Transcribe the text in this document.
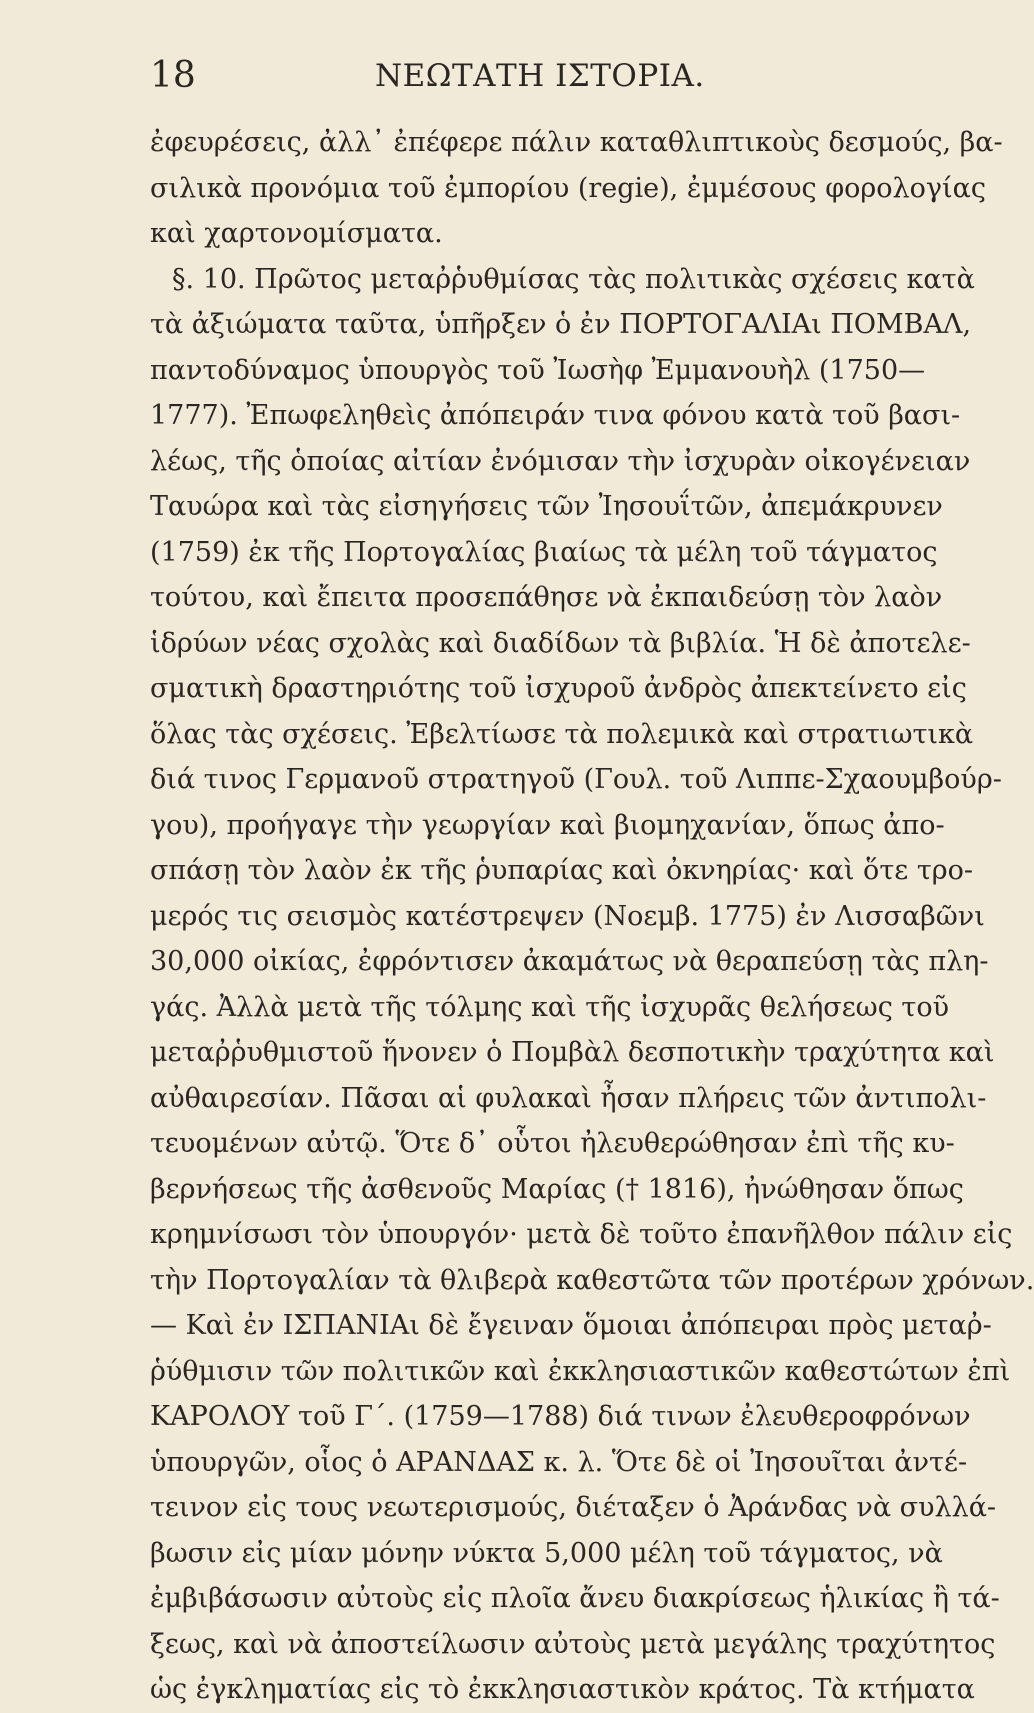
18	ΝΕΩΤΑΤΗ ΙΣΤΟΡΙΑ.
ἐφευρέσεις, ἀλλ᾽ ἐπέφερε πάλιν καταθλιπτικοὺς δεσμούς, βα-
σιλικὰ προνόμια τοῦ ἐμπορίου (regie), ἐμμέσους φορολογίας
καὶ χαρτονομίσματα.
§. 10. Πρῶτος μεταῤῥυθμίσας τὰς πολιτικὰς σχέσεις κατὰ
τὰ ἀξιώματα ταῦτα, ὑπῆρξεν ὁ ἐν ΠΟΡΤΟΓΑΛΙΑι ΠΟΜΒΑΛ,
παντοδύναμος ὑπουργὸς τοῦ Ἰωσὴφ Ἐμμανουὴλ (1750—
1777). Ἐπωφεληθεὶς ἀπόπειράν τινα φόνου κατὰ τοῦ βασι-
λέως, τῆς ὁποίας αἰτίαν ἐνόμισαν τὴν ἰσχυρὰν οἰκογένειαν
Ταυώρα καὶ τὰς εἰσηγήσεις τῶν Ἰησουΐτῶν, ἀπεμάκρυνεν
(1759) ἐκ τῆς Πορτογαλίας βιαίως τὰ μέλη τοῦ τάγματος
τούτου, καὶ ἔπειτα προσεπάθησε νὰ ἐκπαιδεύσῃ τὸν λαὸν
ἱδρύων νέας σχολὰς καὶ διαδίδων τὰ βιβλία. Ἡ δὲ ἀποτελε-
σματικὴ δραστηριότης τοῦ ἰσχυροῦ ἀνδρὸς ἀπεκτείνετο εἰς
ὅλας τὰς σχέσεις. Ἐβελτίωσε τὰ πολεμικὰ καὶ στρατιωτικὰ
διά τινος Γερμανοῦ στρατηγοῦ (Γουλ. τοῦ Λιππε-Σχαουμβούρ-
γου), προήγαγε τὴν γεωργίαν καὶ βιομηχανίαν, ὅπως ἀπο-
σπάσῃ τὸν λαὸν ἐκ τῆς ῥυπαρίας καὶ ὀκνηρίας· καὶ ὅτε τρο-
μερός τις σεισμὸς κατέστρεψεν (Νοεμβ. 1775) ἐν Λισσαβῶνι
30,000 οἰκίας, ἐφρόντισεν ἀκαμάτως νὰ θεραπεύσῃ τὰς πλη-
γάς. Ἀλλὰ μετὰ τῆς τόλμης καὶ τῆς ἰσχυρᾶς θελήσεως τοῦ
μεταῤῥυθμιστοῦ ἥνονεν ὁ Πομβὰλ δεσποτικὴν τραχύτητα καὶ
αὐθαιρεσίαν. Πᾶσαι αἱ φυλακαὶ ἦσαν πλήρεις τῶν ἀντιπολι-
τευομένων αὐτῷ. Ὅτε δ᾽ οὗτοι ἠλευθερώθησαν ἐπὶ τῆς κυ-
βερνήσεως τῆς ἀσθενοῦς Μαρίας († 1816), ἠνώθησαν ὅπως
κρημνίσωσι τὸν ὑπουργόν· μετὰ δὲ τοῦτο ἐπανῆλθον πάλιν εἰς
τὴν Πορτογαλίαν τὰ θλιβερὰ καθεστῶτα τῶν προτέρων χρόνων.
— Καὶ ἐν ΙΣΠΑΝΙΑι δὲ ἔγειναν ὅμοιαι ἀπόπειραι πρὸς μεταῤ-
ῥύθμισιν τῶν πολιτικῶν καὶ ἐκκλησιαστικῶν καθεστώτων ἐπὶ
ΚΑΡΟΛΟΥ τοῦ Γ΄. (1759—1788) διά τινων ἐλευθεροφρόνων
ὑπουργῶν, οἷος ὁ ΑΡΑΝΔΑΣ κ. λ. Ὅτε δὲ οἱ Ἰησουῖται ἀντέ-
τεινον εἰς τους νεωτερισμούς, διέταξεν ὁ Ἀράνδας νὰ συλλά-
βωσιν εἰς μίαν μόνην νύκτα 5,000 μέλη τοῦ τάγματος, νὰ
ἐμβιβάσωσιν αὐτοὺς εἰς πλοῖα ἄνευ διακρίσεως ἡλικίας ἢ τά-
ξεως, καὶ νὰ ἀποστείλωσιν αὐτοὺς μετὰ μεγάλης τραχύτητος
ὡς ἐγκληματίας εἰς τὸ ἐκκλησιαστικὸν κράτος. Τὰ κτήματα
